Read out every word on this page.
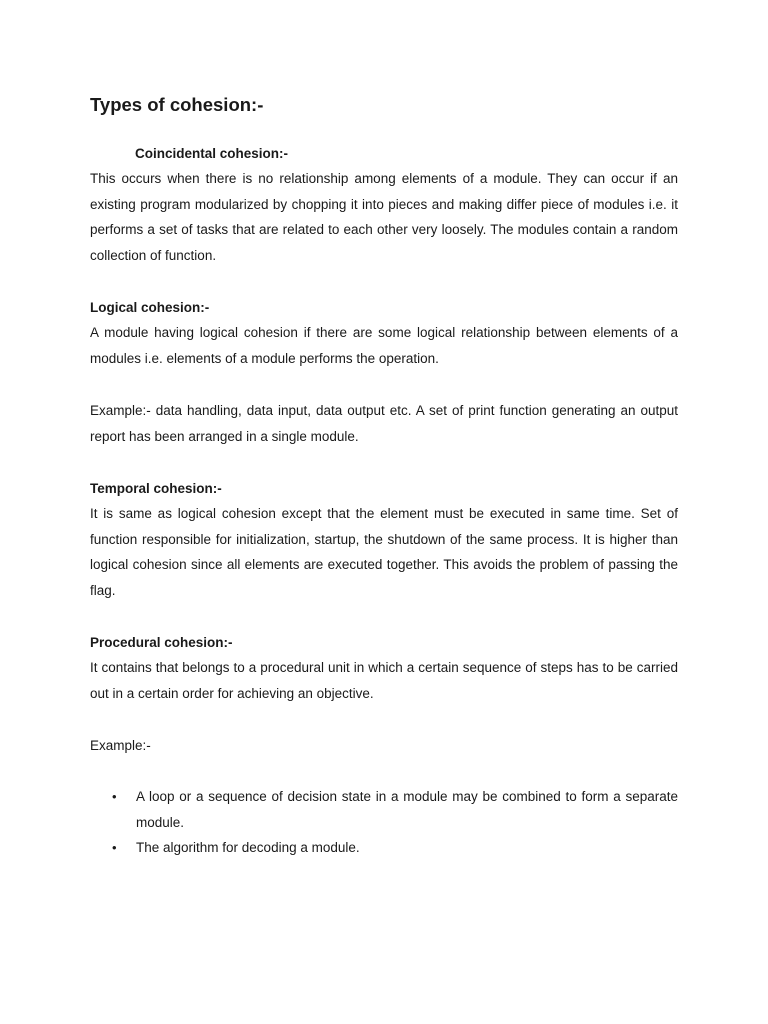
Types of cohesion:-
Coincidental cohesion:-

This occurs when there is no relationship among elements of a module. They can occur if an existing program modularized by chopping it into pieces and making differ piece of modules i.e. it performs a set of tasks that are related to each other very loosely. The modules contain a random collection of function.

Logical cohesion:-

A module having logical cohesion if there are some logical relationship between elements of a modules i.e. elements of a module performs the operation.

Example:- data handling, data input, data output etc. A set of print function generating an output report has been arranged in a single module.

Temporal cohesion:-

It is same as logical cohesion except that the element must be executed in same time. Set of function responsible for initialization, startup, the shutdown of the same process. It is higher than logical cohesion since all elements are executed together. This avoids the problem of passing the flag.

Procedural cohesion:-

It contains that belongs to a procedural unit in which a certain sequence of steps has to be carried out in a certain order for achieving an objective.

Example:-

• A loop or a sequence of decision state in a module may be combined to form a separate module.
• The algorithm for decoding a module.
